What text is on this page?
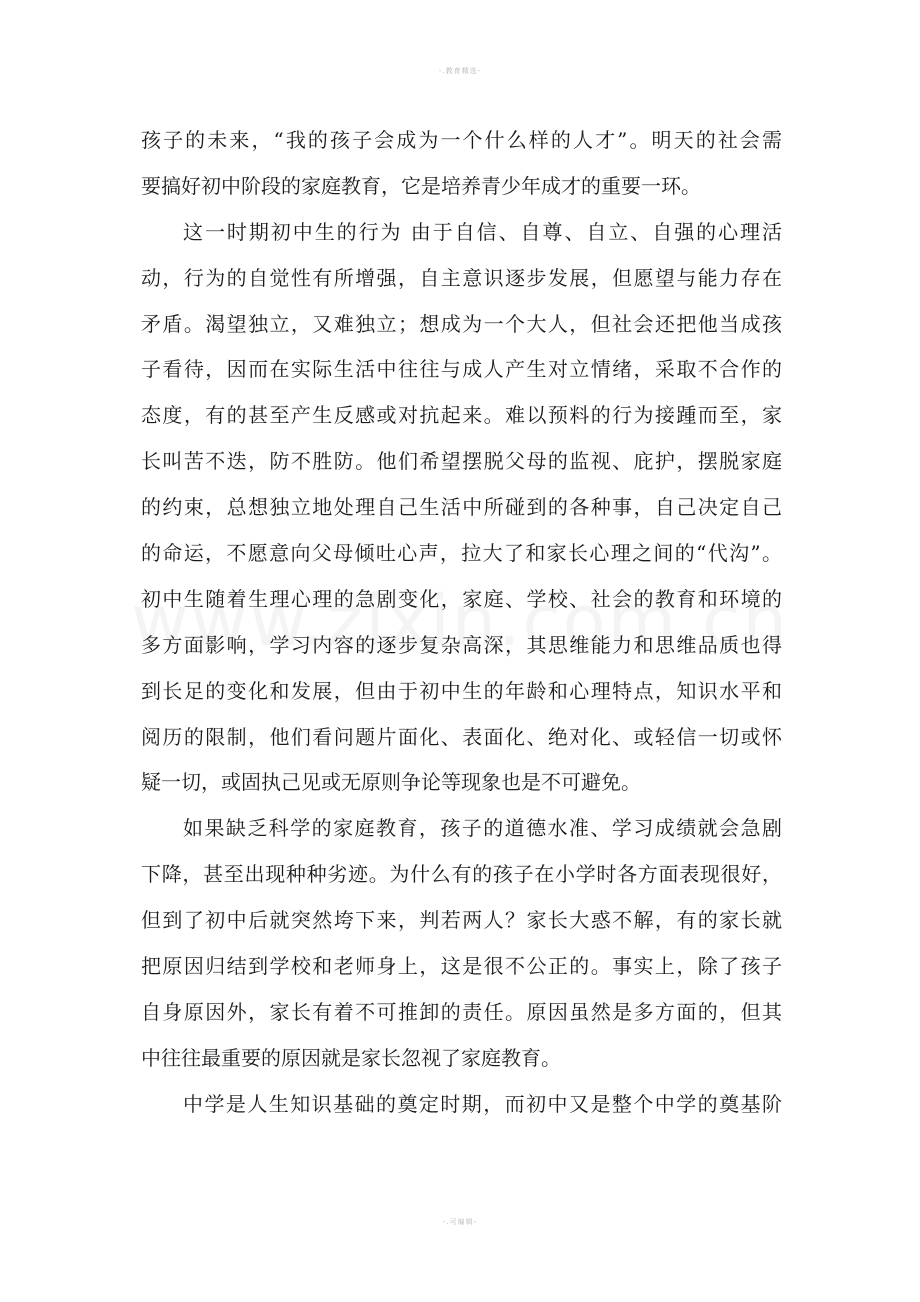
-.教育精选-
孩子的未来，“我的孩子会成为一个什么样的人才”。明天的社会需
要搞好初中阶段的家庭教育，它是培养青少年成才的重要一环。
这一时期初中生的行为 由于自信、自尊、自立、自强的心理活
动，行为的自觉性有所增强，自主意识逐步发展，但愿望与能力存在
矛盾。渴望独立，又难独立；想成为一个大人，但社会还把他当成孩
子看待，因而在实际生活中往往与成人产生对立情绪，采取不合作的
态度，有的甚至产生反感或对抗起来。难以预料的行为接踵而至，家
长叫苦不迭，防不胜防。他们希望摆脱父母的监视、庇护，摆脱家庭
的约束，总想独立地处理自己生活中所碰到的各种事，自己决定自己
的命运，不愿意向父母倾吐心声，拉大了和家长心理之间的“代沟”。
初中生随着生理心理的急剧变化，家庭、学校、社会的教育和环境的
多方面影响，学习内容的逐步复杂高深，其思维能力和思维品质也得
到长足的变化和发展，但由于初中生的年龄和心理特点，知识水平和
阅历的限制，他们看问题片面化、表面化、绝对化、或轻信一切或怀
疑一切，或固执己见或无原则争论等现象也是不可避免。
如果缺乏科学的家庭教育，孩子的道德水准、学习成绩就会急剧
下降，甚至出现种种劣迹。为什么有的孩子在小学时各方面表现很好，
但到了初中后就突然垮下来，判若两人？家长大惑不解，有的家长就
把原因归结到学校和老师身上，这是很不公正的。事实上，除了孩子
自身原因外，家长有着不可推卸的责任。原因虽然是多方面的，但其
中往往最重要的原因就是家长忽视了家庭教育。
中学是人生知识基础的奠定时期，而初中又是整个中学的奠基阶
-.可编辑-
